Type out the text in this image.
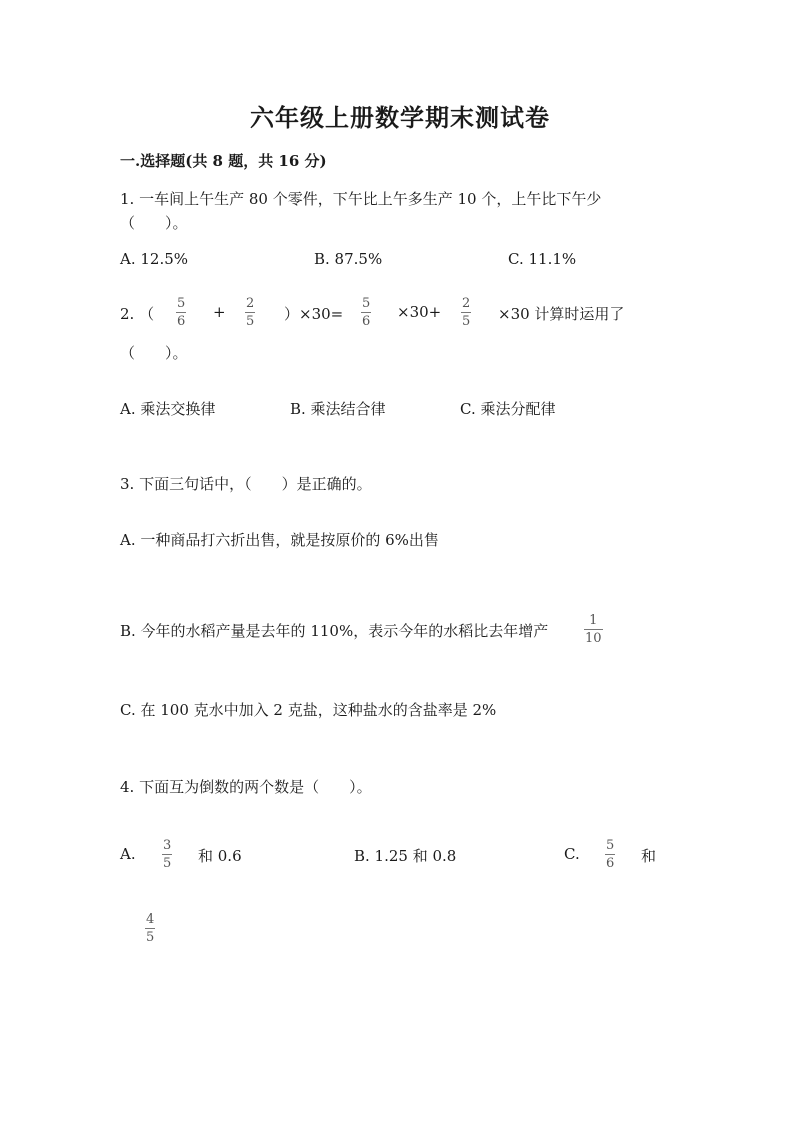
六年级上册数学期末测试卷
一.选择题(共 8 题，共 16 分)
1. 一车间上午生产 80 个零件，下午比上午多生产 10 个，上午比下午少
（　　）。
A. 12.5%	B. 87.5%	C. 11.1%
2. （
5
6
+ 2
5 ）×30=
5
6
×30+ 2
5 ×30 计算时运用了
（　　）。
A. 乘法交换律	B. 乘法结合律	C. 乘法分配律
3. 下面三句话中，（　　）是正确的。
A. 一种商品打六折出售，就是按原价的 6%出售
B. 今年的水稻产量是去年的 110%，表示今年的水稻比去年增产
1
10
C. 在 100 克水中加入 2 克盐，这种盐水的含盐率是 2%
4. 下面互为倒数的两个数是（　　）。
A. 3
5 和 0.6	B. 1.25 和 0.8	C. 5
6 和
4
5
